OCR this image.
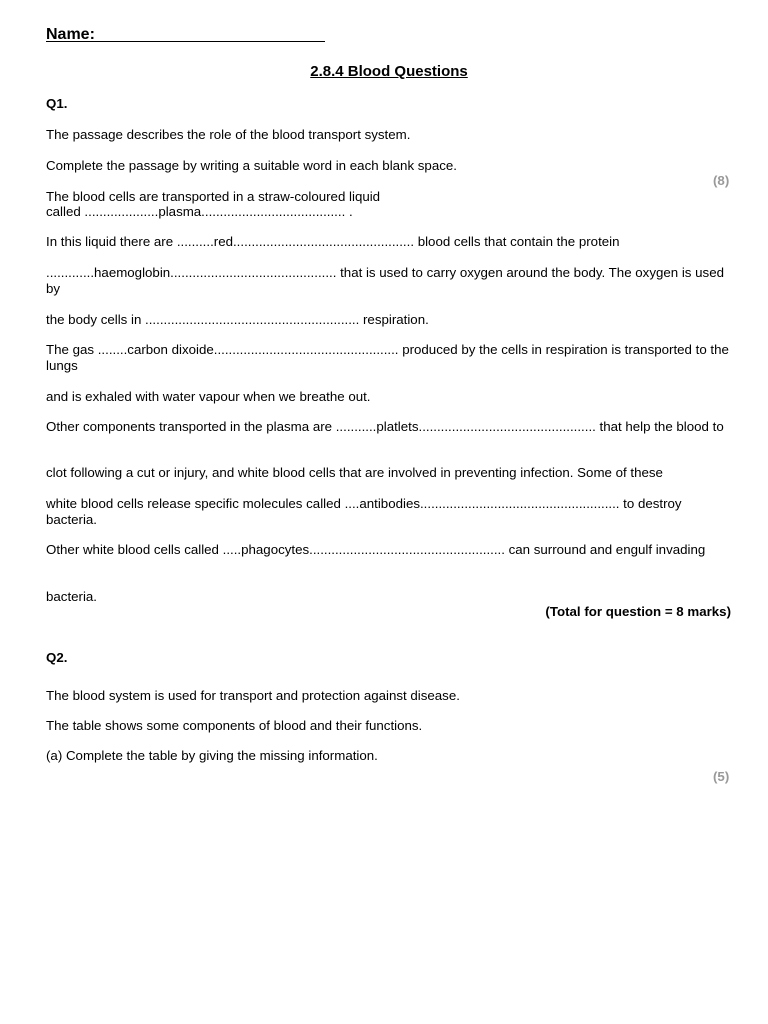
Name:
2.8.4 Blood Questions
Q1.
The passage describes the role of the blood transport system.
Complete the passage by writing a suitable word in each blank space.
(8)
The blood cells are transported in a straw-coloured liquid
called ....................plasma....................................... .
In this liquid there are ..........red................................................. blood cells that contain the protein

.............haemoglobin............................................. that is used to carry oxygen around the body. The oxygen is used by

the body cells in .......................................................... respiration.

The gas ........carbon dixoide.................................................. produced by the cells in respiration is transported to the lungs

and is exhaled with water vapour when we breathe out.

Other components transported in the plasma are ...........platlets................................................ that help the blood to

clot following a cut or injury, and white blood cells that are involved in preventing infection. Some of these

white blood cells release specific molecules called ....antibodies...................................................... to destroy bacteria.

Other white blood cells called .....phagocytes..................................................... can surround and engulf invading

bacteria.
(Total for question = 8 marks)
Q2.
The blood system is used for transport and protection against disease.
The table shows some components of blood and their functions.
(a) Complete the table by giving the missing information.
(5)
